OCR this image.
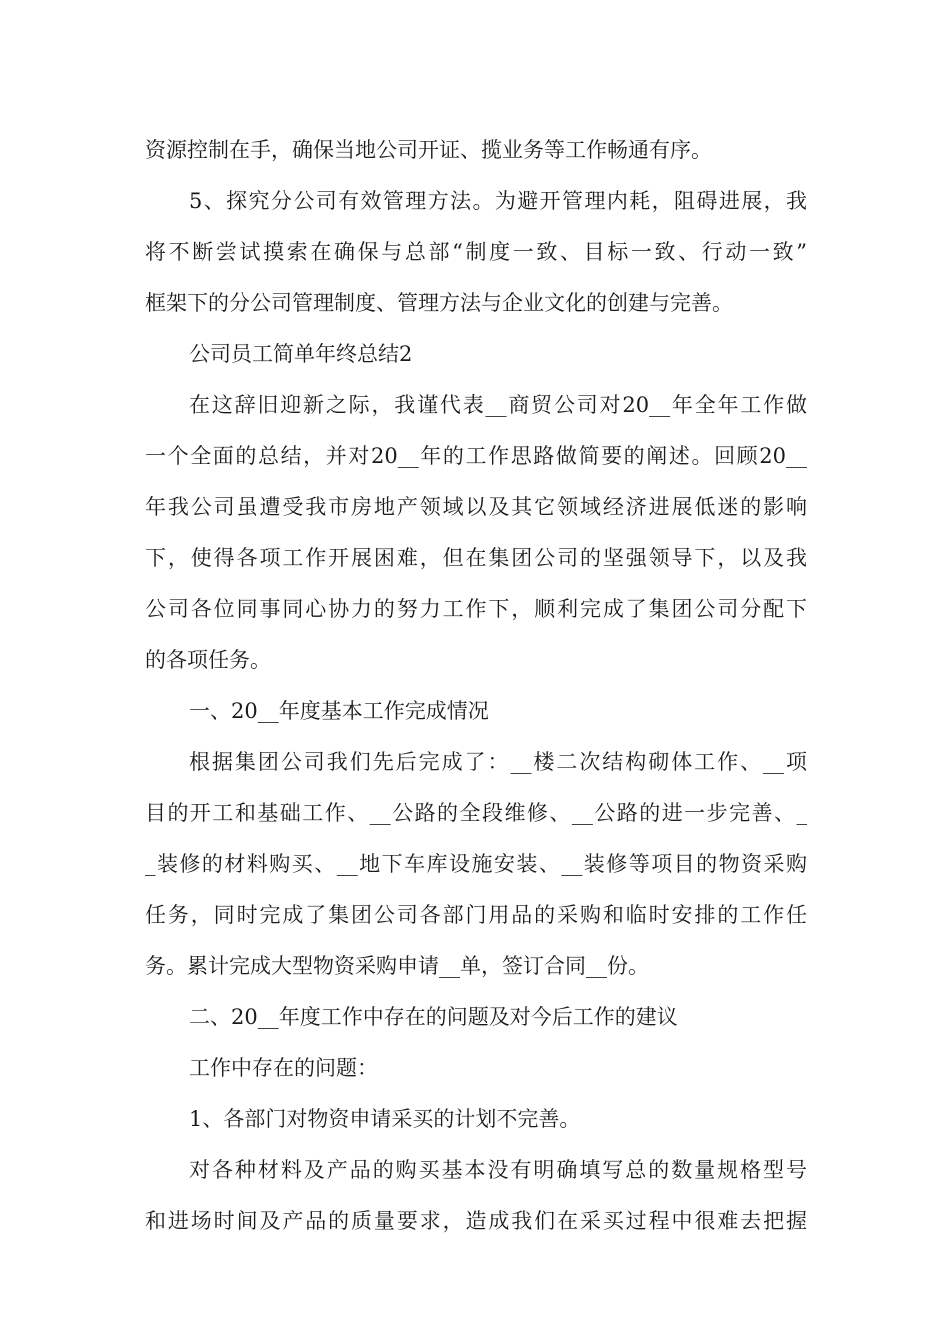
资源控制在手，确保当地公司开证、揽业务等工作畅通有序。
5、探究分公司有效管理方法。为避开管理内耗，阻碍进展，我
将不断尝试摸索在确保与总部“制度一致、目标一致、行动一致”
框架下的分公司管理制度、管理方法与企业文化的创建与完善。
公司员工简单年终总结2
在这辞旧迎新之际，我谨代表__商贸公司对20__年全年工作做
一个全面的总结，并对20__年的工作思路做简要的阐述。回顾20__
年我公司虽遭受我市房地产领域以及其它领域经济进展低迷的影响
下，使得各项工作开展困难，但在集团公司的坚强领导下，以及我
公司各位同事同心协力的努力工作下，顺利完成了集团公司分配下
的各项任务。
一、20__年度基本工作完成情况
根据集团公司我们先后完成了：__楼二次结构砌体工作、__项
目的开工和基础工作、__公路的全段维修、__公路的进一步完善、_
_装修的材料购买、__地下车库设施安装、__装修等项目的物资采购
任务，同时完成了集团公司各部门用品的采购和临时安排的工作任
务。累计完成大型物资采购申请__单，签订合同__份。
二、20__年度工作中存在的问题及对今后工作的建议
工作中存在的问题：
1、各部门对物资申请采买的计划不完善。
对各种材料及产品的购买基本没有明确填写总的数量规格型号
和进场时间及产品的质量要求，造成我们在采买过程中很难去把握
